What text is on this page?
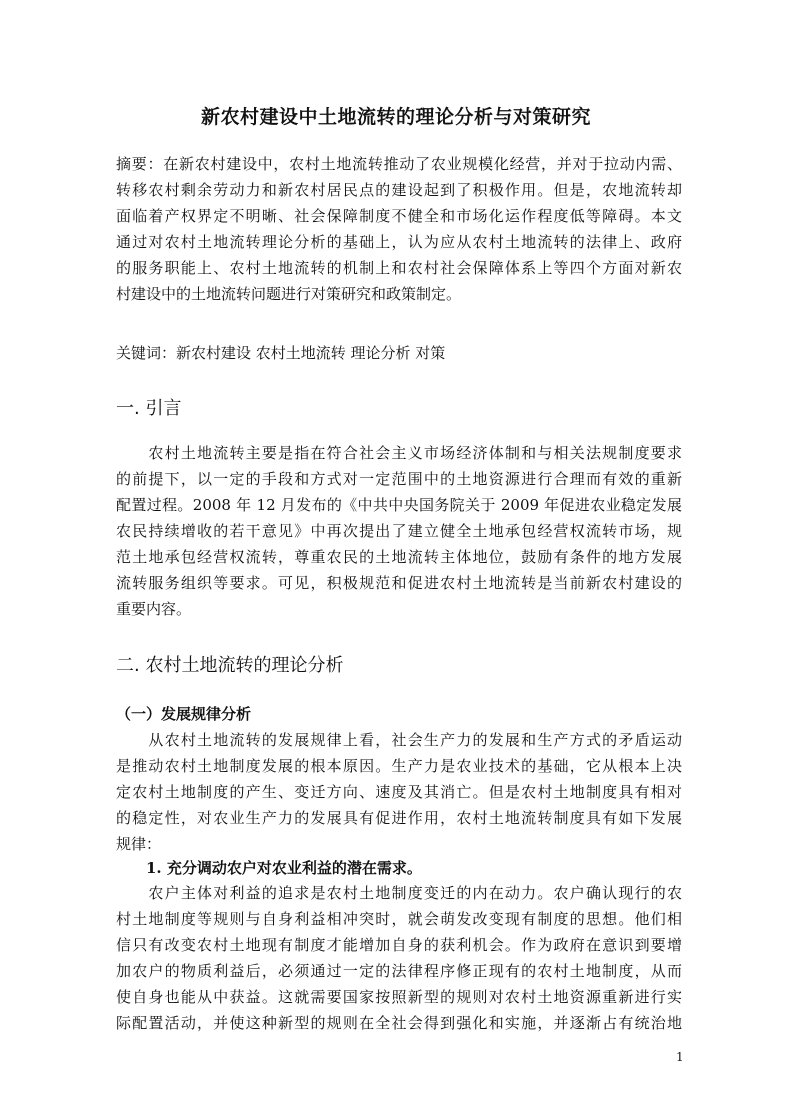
新农村建设中土地流转的理论分析与对策研究
摘要：在新农村建设中，农村土地流转推动了农业规模化经营，并对于拉动内需、
转移农村剩余劳动力和新农村居民点的建设起到了积极作用。但是，农地流转却
面临着产权界定不明晰、社会保障制度不健全和市场化运作程度低等障碍。本文
通过对农村土地流转理论分析的基础上，认为应从农村土地流转的法律上、政府
的服务职能上、农村土地流转的机制上和农村社会保障体系上等四个方面对新农
村建设中的土地流转问题进行对策研究和政策制定。
关键词：新农村建设 农村土地流转 理论分析 对策
一. 引言
　　农村土地流转主要是指在符合社会主义市场经济体制和与相关法规制度要求
的前提下，以一定的手段和方式对一定范围中的土地资源进行合理而有效的重新
配置过程。2008 年 12 月发布的《中共中央国务院关于 2009 年促进农业稳定发展
农民持续增收的若干意见》中再次提出了建立健全土地承包经营权流转市场，规
范土地承包经营权流转，尊重农民的土地流转主体地位，鼓励有条件的地方发展
流转服务组织等要求。可见，积极规范和促进农村土地流转是当前新农村建设的
重要内容。
二. 农村土地流转的理论分析
（一）发展规律分析
　　从农村土地流转的发展规律上看，社会生产力的发展和生产方式的矛盾运动
是推动农村土地制度发展的根本原因。生产力是农业技术的基础，它从根本上决
定农村土地制度的产生、变迁方向、速度及其消亡。但是农村土地制度具有相对
的稳定性，对农业生产力的发展具有促进作用，农村土地流转制度具有如下发展
规律：
1. 充分调动农户对农业利益的潜在需求。
　　农户主体对利益的追求是农村土地制度变迁的内在动力。农户确认现行的农
村土地制度等规则与自身利益相冲突时，就会萌发改变现有制度的思想。他们相
信只有改变农村土地现有制度才能增加自身的获利机会。作为政府在意识到要增
加农户的物质利益后，必须通过一定的法律程序修正现有的农村土地制度，从而
使自身也能从中获益。这就需要国家按照新型的规则对农村土地资源重新进行实
际配置活动，并使这种新型的规则在全社会得到强化和实施，并逐渐占有统治地
1
